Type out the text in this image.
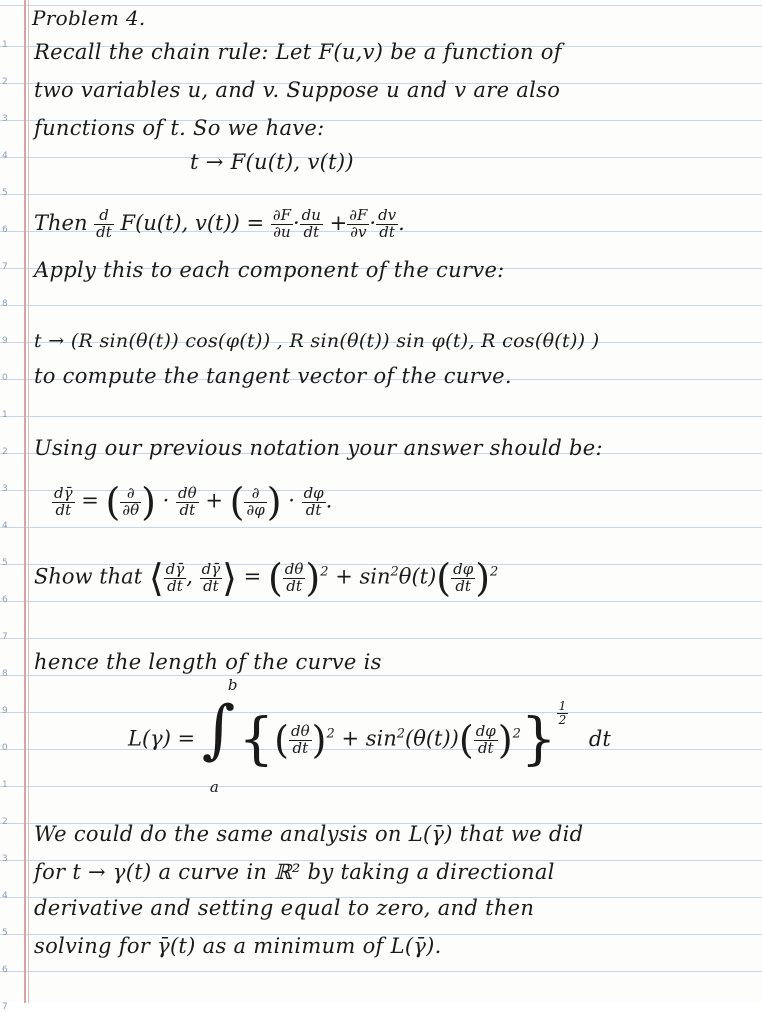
1
2
3
4
5
6
7
8
9
0
1
2
3
4
5
6
7
8
9
0
1
2
3
4
5
6
7
Problem 4.
Recall the chain rule: Let F(u,v) be a function of
two variables u, and v. Suppose u and v are also
functions of t. So we have:
t → F(u(t), v(t))
Then $\frac{d}{dt} F(u(t)$, $v(t)) = \frac{\partial F}{\partial u} \cdot \frac{du}{dt} + \frac{\partial F}{\partial v} \cdot \frac{dv}{dt}$ .
Apply this to each component of the curve:
t → (R sin(θ(t)) cos(φ(t)) , R sin(θ(t)) sin φ(t), R cos(θ(t)) )
to compute the tangent vector of the curve.
Using our previous notation your answer should be:
$\frac{d\gammā}{dt}$ = ( $\frac{\partial}{\partial\theta}$ ) · $\frac{d\theta}{dt}$ + ( $\frac{\partial}{\partial\varphi}$ ) · $\frac{d\varphi}{dt}$ .
Show that ⟨ $\frac{d\gammā}{dt}$ , $\frac{d\gammā}{dt}$ ⟩ = ( $\frac{d\theta}{dt} )^2 + \sin^2\theta(t)( \frac{d\varphi}{dt} )^2$
hence the length of the curve is
L(γ) = ∫
b
a
{( $\frac{d\theta}{dt} )^2 + \sin^2(\theta(t))( \frac{d\varphi}{dt} )^2\} \frac{1}{2}$
dt
We could do the same analysis on L(γ̄) that we did
for t → γ(t) a curve in ℝ² by taking a directional
derivative and setting equal to zero, and then
solving for γ̄(t) as a minimum of L(γ̄).
